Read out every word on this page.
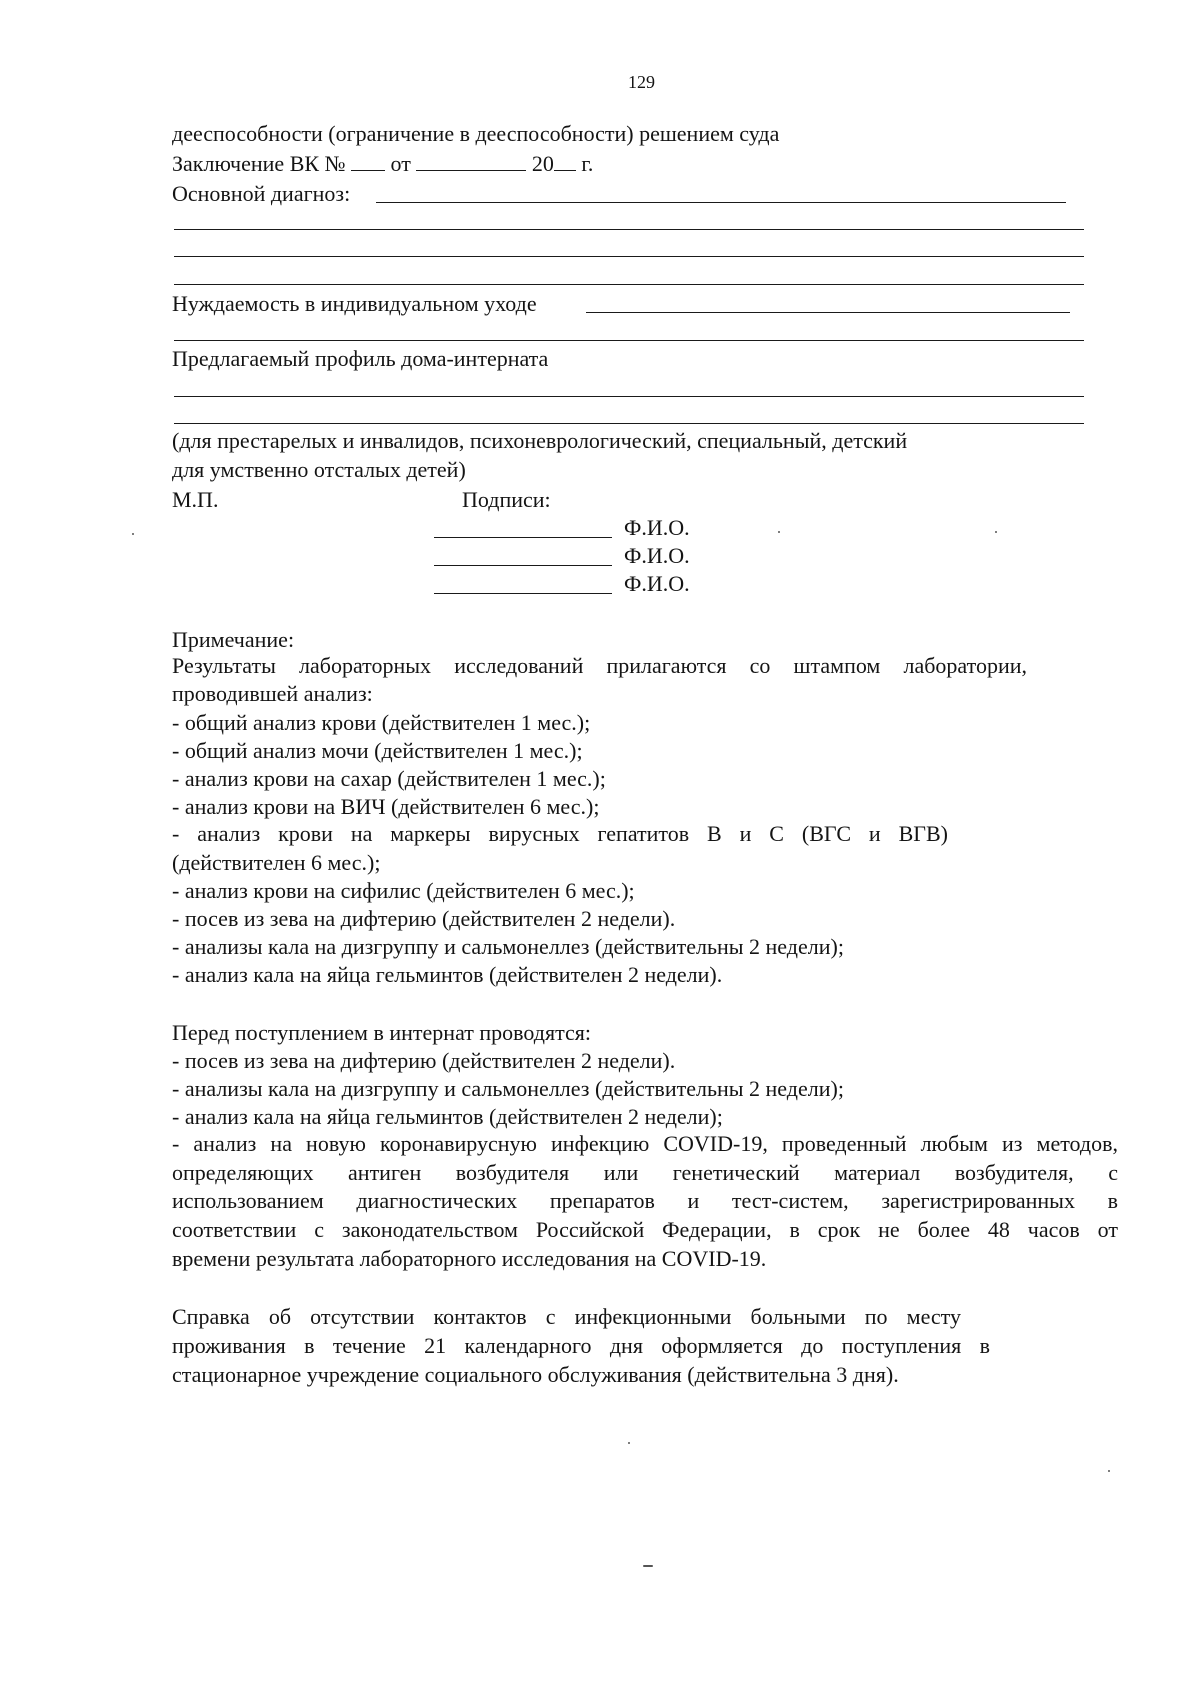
129

дееспособности (ограничение в дееспособности) решением суда

Заключение ВК № от	20 г.

Основной диагноз:

Нуждаемость в индивидуальном уходе

Предлагаемый профиль дома-интерната

(для престарелых и инвалидов, психоневрологический, специальный, детский

для умственно отсталых детей)

М.П.	Подписи:

Ф.И.О.

Ф.И.О.

Ф.И.О.

Примечание:

Результаты лабораторных исследований прилагаются со штампом лаборатории,

проводившей анализ:

- общий анализ крови (действителен 1 мес.);

- общий анализ мочи (действителен 1 мес.);

- анализ крови на сахар (действителен 1 мес.);

- анализ крови на ВИЧ (действителен 6 мес.);

- анализ крови на маркеры вирусных гепатитов В и С (ВГС и ВГВ)

(действителен 6 мес.);

- анализ крови на сифилис (действителен 6 мес.);

- посев из зева на дифтерию (действителен 2 недели).

- анализы кала на дизгруппу и сальмонеллез (действительны 2 недели);

- анализ кала на яйца гельминтов (действителен 2 недели).

Перед поступлением в интернат проводятся:

- посев из зева на дифтерию (действителен 2 недели).

- анализы кала на дизгруппу и сальмонеллез (действительны 2 недели);

- анализ кала на яйца гельминтов (действителен 2 недели);

- анализ на новую коронавирусную инфекцию COVID-19, проведенный любым из методов,

определяющих антиген возбудителя или генетический материал возбудителя, с

использованием диагностических препаратов и тест-систем, зарегистрированных в

соответствии с законодательством Российской Федерации, в срок не более 48 часов от

времени результата лабораторного исследования на COVID-19.

Справка об отсутствии контактов с инфекционными больными по месту

проживания в течение 21 календарного дня оформляется до поступления в

стационарное учреждение социального обслуживания (действительна 3 дня).
